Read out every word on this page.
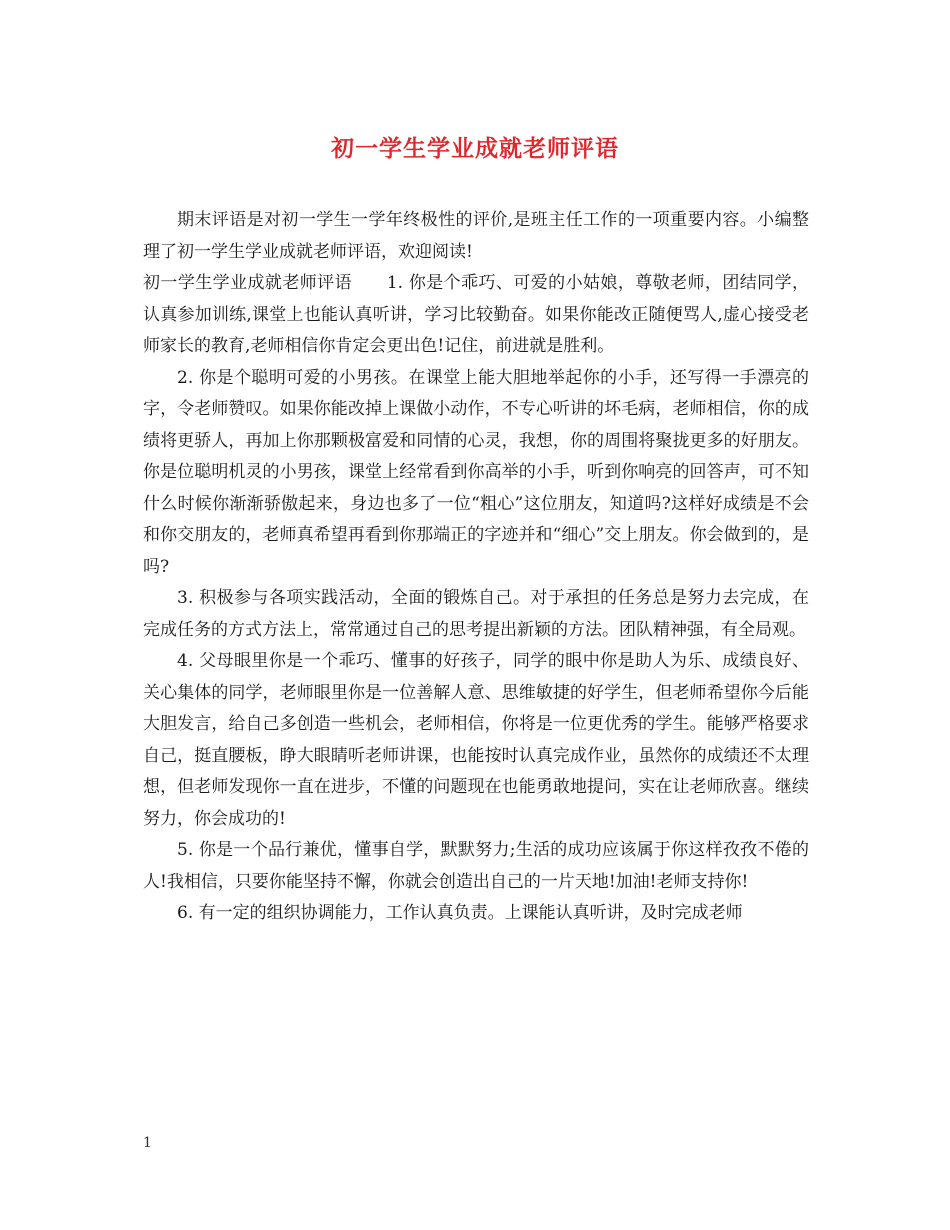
初一学生学业成就老师评语

期末评语是对初一学生一学年终极性的评价,是班主任工作的一项重要内容。小编整理了初一学生学业成就老师评语，欢迎阅读!

初一学生学业成就老师评语　　1. 你是个乖巧、可爱的小姑娘，尊敬老师，团结同学，认真参加训练,课堂上也能认真听讲，学习比较勤奋。如果你能改正随便骂人,虚心接受老师家长的教育,老师相信你肯定会更出色!记住，前进就是胜利。

2. 你是个聪明可爱的小男孩。在课堂上能大胆地举起你的小手，还写得一手漂亮的字，令老师赞叹。如果你能改掉上课做小动作，不专心听讲的坏毛病，老师相信，你的成绩将更骄人，再加上你那颗极富爱和同情的心灵，我想，你的周围将聚拢更多的好朋友。你是位聪明机灵的小男孩，课堂上经常看到你高举的小手，听到你响亮的回答声，可不知什么时候你渐渐骄傲起来，身边也多了一位“粗心”这位朋友，知道吗?这样好成绩是不会和你交朋友的，老师真希望再看到你那端正的字迹并和“细心”交上朋友。你会做到的，是吗?

3. 积极参与各项实践活动，全面的锻炼自己。对于承担的任务总是努力去完成，在完成任务的方式方法上，常常通过自己的思考提出新颖的方法。团队精神强，有全局观。

4. 父母眼里你是一个乖巧、懂事的好孩子，同学的眼中你是助人为乐、成绩良好、关心集体的同学，老师眼里你是一位善解人意、思维敏捷的好学生，但老师希望你今后能大胆发言，给自己多创造一些机会，老师相信，你将是一位更优秀的学生。能够严格要求自己，挺直腰板，睁大眼睛听老师讲课，也能按时认真完成作业，虽然你的成绩还不太理想，但老师发现你一直在进步，不懂的问题现在也能勇敢地提问，实在让老师欣喜。继续努力，你会成功的!

5. 你是一个品行兼优，懂事自学，默默努力;生活的成功应该属于你这样孜孜不倦的人!我相信，只要你能坚持不懈，你就会创造出自己的一片天地!加油!老师支持你!

6. 有一定的组织协调能力，工作认真负责。上课能认真听讲，及时完成老师

1
